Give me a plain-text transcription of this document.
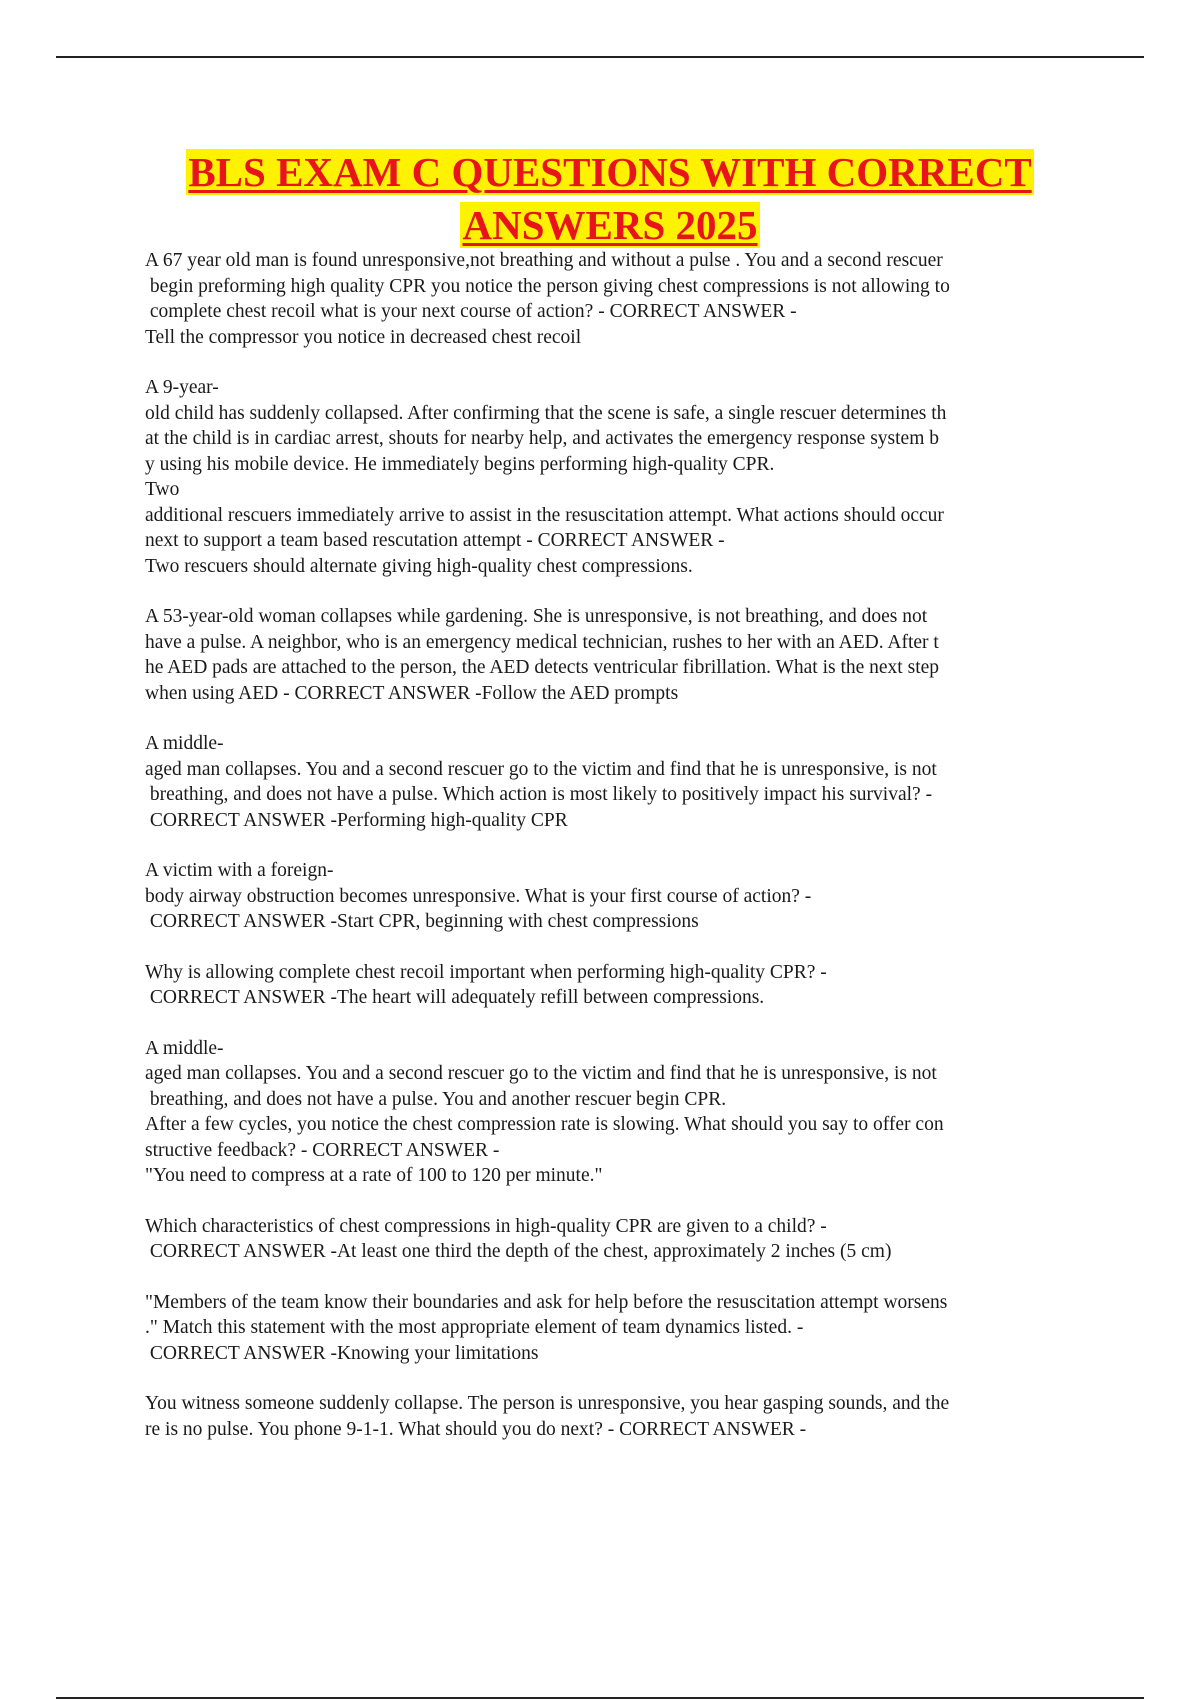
BLS EXAM C QUESTIONS WITH CORRECT
ANSWERS 2025
A 67 year old man is found unresponsive,not breathing and without a pulse . You and a second rescuer
begin preforming high quality CPR you notice the person giving chest compressions is not allowing to
complete chest recoil what is your next course of action? - CORRECT ANSWER -
Tell the compressor you notice in decreased chest recoil
A 9-year-
old child has suddenly collapsed. After confirming that the scene is safe, a single rescuer determines th
at the child is in cardiac arrest, shouts for nearby help, and activates the emergency response system b
y using his mobile device. He immediately begins performing high-quality CPR.
Two
additional rescuers immediately arrive to assist in the resuscitation attempt. What actions should occur
next to support a team based rescutation attempt - CORRECT ANSWER -
Two rescuers should alternate giving high-quality chest compressions.
A 53-year-old woman collapses while gardening. She is unresponsive, is not breathing, and does not
have a pulse. A neighbor, who is an emergency medical technician, rushes to her with an AED. After t
he AED pads are attached to the person, the AED detects ventricular fibrillation. What is the next step
when using AED - CORRECT ANSWER -Follow the AED prompts
A middle-
aged man collapses. You and a second rescuer go to the victim and find that he is unresponsive, is not
breathing, and does not have a pulse. Which action is most likely to positively impact his survival? -
CORRECT ANSWER -Performing high-quality CPR
A victim with a foreign-
body airway obstruction becomes unresponsive. What is your first course of action? -
CORRECT ANSWER -Start CPR, beginning with chest compressions
Why is allowing complete chest recoil important when performing high-quality CPR? -
CORRECT ANSWER -The heart will adequately refill between compressions.
A middle-
aged man collapses. You and a second rescuer go to the victim and find that he is unresponsive, is not
breathing, and does not have a pulse. You and another rescuer begin CPR.
After a few cycles, you notice the chest compression rate is slowing. What should you say to offer con
structive feedback? - CORRECT ANSWER -
"You need to compress at a rate of 100 to 120 per minute."
Which characteristics of chest compressions in high-quality CPR are given to a child? -
CORRECT ANSWER -At least one third the depth of the chest, approximately 2 inches (5 cm)
"Members of the team know their boundaries and ask for help before the resuscitation attempt worsens
." Match this statement with the most appropriate element of team dynamics listed. -
CORRECT ANSWER -Knowing your limitations
You witness someone suddenly collapse. The person is unresponsive, you hear gasping sounds, and the
re is no pulse. You phone 9-1-1. What should you do next? - CORRECT ANSWER -
